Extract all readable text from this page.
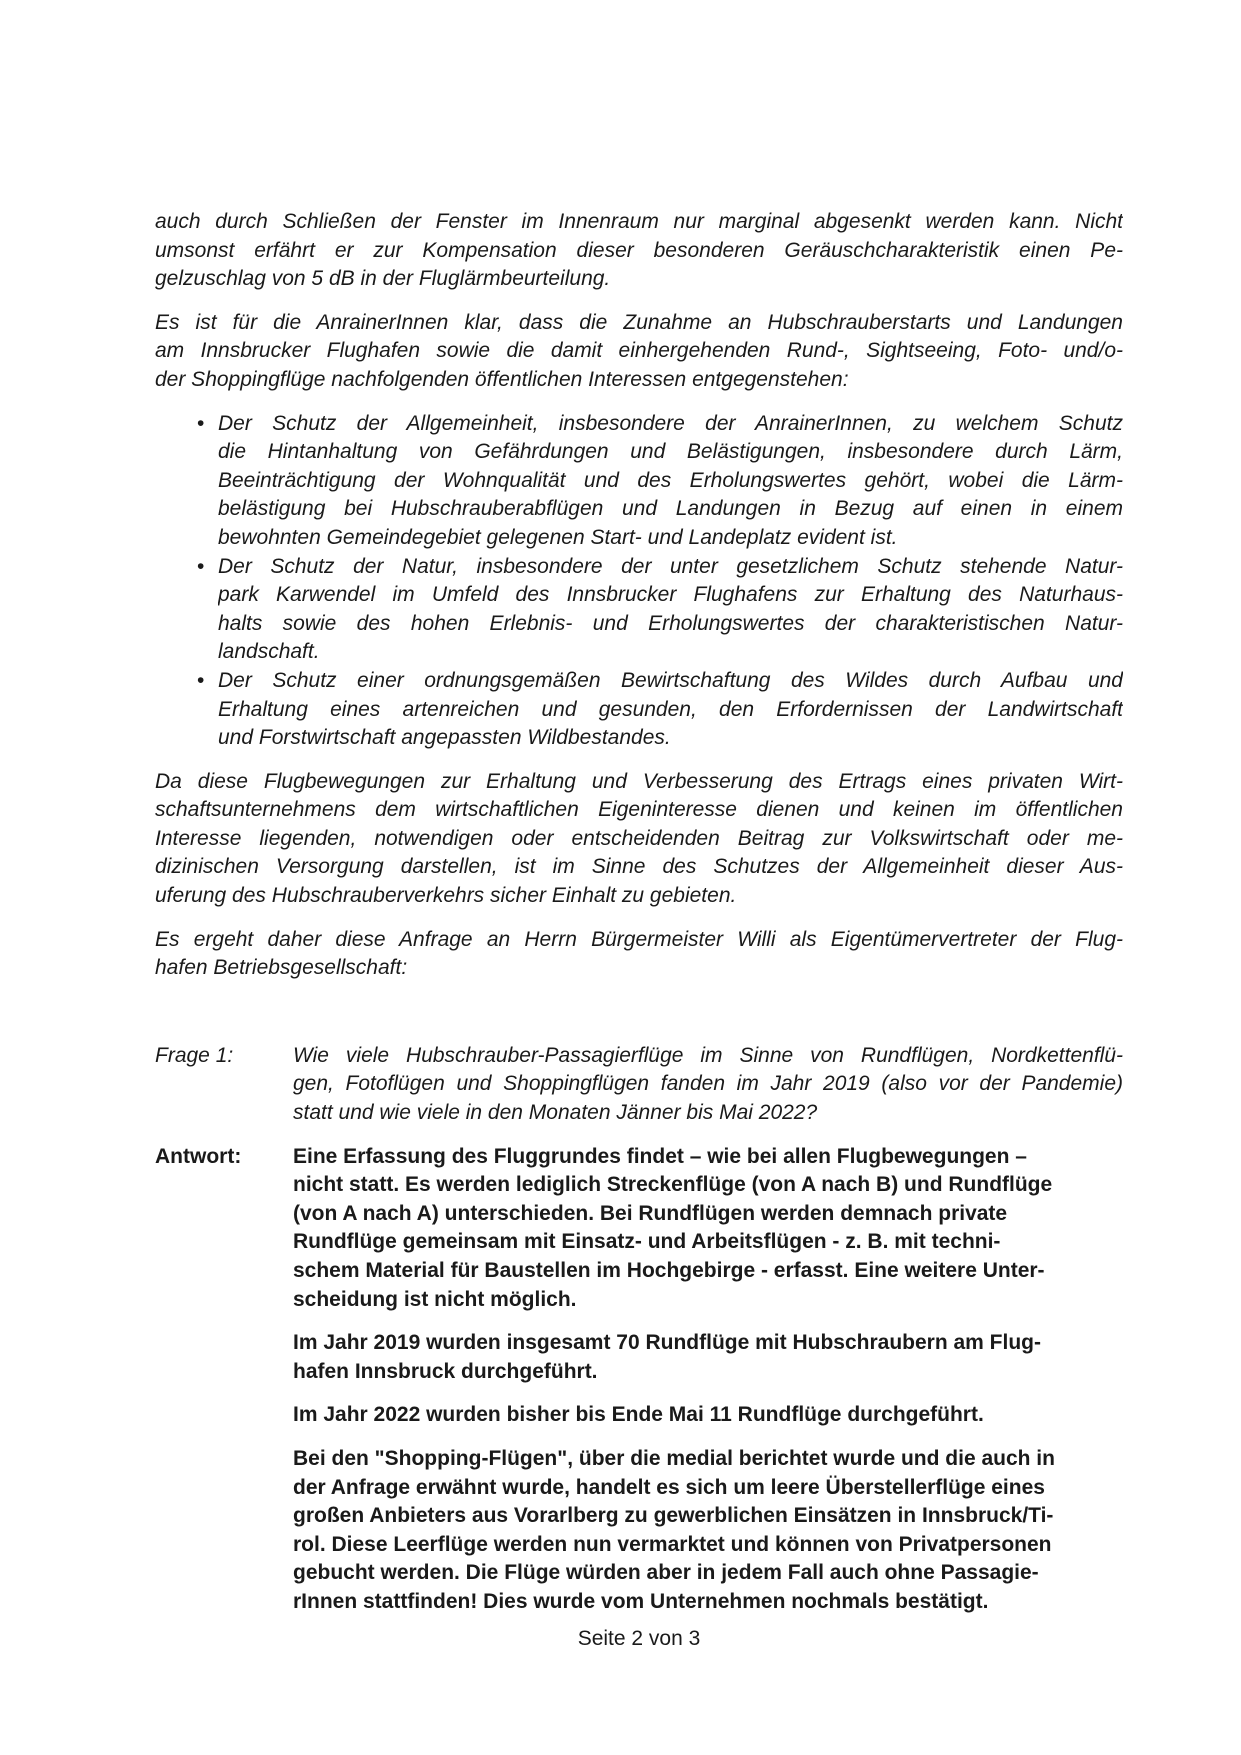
auch durch Schließen der Fenster im Innenraum nur marginal abgesenkt werden kann. Nicht
umsonst erfährt er zur Kompensation dieser besonderen Geräuschcharakteristik einen Pe-
gelzuschlag von 5 dB in der Fluglärmbeurteilung.
Es ist für die AnrainerInnen klar, dass die Zunahme an Hubschrauberstarts und Landungen
am Innsbrucker Flughafen sowie die damit einhergehenden Rund-, Sightseeing, Foto- und/o-
der Shoppingflüge nachfolgenden öffentlichen Interessen entgegenstehen:
• Der Schutz der Allgemeinheit, insbesondere der AnrainerInnen, zu welchem Schutz
die Hintanhaltung von Gefährdungen und Belästigungen, insbesondere durch Lärm,
Beeinträchtigung der Wohnqualität und des Erholungswertes gehört, wobei die Lärm-
belästigung bei Hubschrauberabflügen und Landungen in Bezug auf einen in einem
bewohnten Gemeindegebiet gelegenen Start- und Landeplatz evident ist.
• Der Schutz der Natur, insbesondere der unter gesetzlichem Schutz stehende Natur-
park Karwendel im Umfeld des Innsbrucker Flughafens zur Erhaltung des Naturhaus-
halts sowie des hohen Erlebnis- und Erholungswertes der charakteristischen Natur-
landschaft.
• Der Schutz einer ordnungsgemäßen Bewirtschaftung des Wildes durch Aufbau und
Erhaltung eines artenreichen und gesunden, den Erfordernissen der Landwirtschaft
und Forstwirtschaft angepassten Wildbestandes.
Da diese Flugbewegungen zur Erhaltung und Verbesserung des Ertrags eines privaten Wirt-
schaftsunternehmens dem wirtschaftlichen Eigeninteresse dienen und keinen im öffentlichen
Interesse liegenden, notwendigen oder entscheidenden Beitrag zur Volkswirtschaft oder me-
dizinischen Versorgung darstellen, ist im Sinne des Schutzes der Allgemeinheit dieser Aus-
uferung des Hubschrauberverkehrs sicher Einhalt zu gebieten.
Es ergeht daher diese Anfrage an Herrn Bürgermeister Willi als Eigentümervertreter der Flug-
hafen Betriebsgesellschaft:
Frage 1:	Wie viele Hubschrauber-Passagierflüge im Sinne von Rundflügen, Nordkettenflü-
gen, Fotoflügen und Shoppingflügen fanden im Jahr 2019 (also vor der Pandemie)
statt und wie viele in den Monaten Jänner bis Mai 2022?
Antwort:	Eine Erfassung des Fluggrundes findet – wie bei allen Flugbewegungen –
nicht statt. Es werden lediglich Streckenflüge (von A nach B) und Rundflüge
(von A nach A) unterschieden. Bei Rundflügen werden demnach private
Rundflüge gemeinsam mit Einsatz- und Arbeitsflügen - z. B. mit techni-
schem Material für Baustellen im Hochgebirge - erfasst. Eine weitere Unter-
scheidung ist nicht möglich.
Im Jahr 2019 wurden insgesamt 70 Rundflüge mit Hubschraubern am Flug-
hafen Innsbruck durchgeführt.
Im Jahr 2022 wurden bisher bis Ende Mai 11 Rundflüge durchgeführt.
Bei den "Shopping-Flügen", über die medial berichtet wurde und die auch in
der Anfrage erwähnt wurde, handelt es sich um leere Überstellerflüge eines
großen Anbieters aus Vorarlberg zu gewerblichen Einsätzen in Innsbruck/Ti-
rol. Diese Leerflüge werden nun vermarktet und können von Privatpersonen
gebucht werden. Die Flüge würden aber in jedem Fall auch ohne Passagie-
rInnen stattfinden! Dies wurde vom Unternehmen nochmals bestätigt.
Seite 2 von 3
